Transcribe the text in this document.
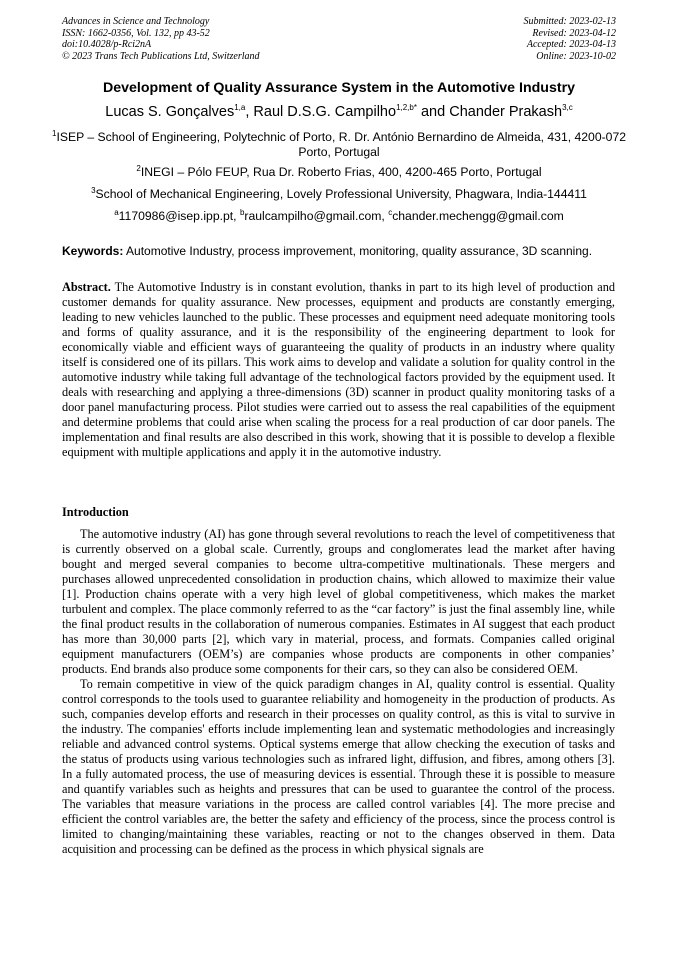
Advances in Science and Technology
ISSN: 1662-0356, Vol. 132, pp 43-52
doi:10.4028/p-Rci2nA
© 2023 Trans Tech Publications Ltd, Switzerland
Submitted: 2023-02-13
Revised: 2023-04-12
Accepted: 2023-04-13
Online: 2023-10-02
Development of Quality Assurance System in the Automotive Industry
Lucas S. Gonçalves$^{1,a}$, Raul D.S.G. Campilho$^{1,2,b*}$ and Chander Prakash$^{3,c}$
$^1$ISEP – School of Engineering, Polytechnic of Porto, R. Dr. António Bernardino de Almeida, 431, 4200-072 Porto, Portugal
$^2$INEGI – Pólo FEUP, Rua Dr. Roberto Frias, 400, 4200-465 Porto, Portugal
$^3$School of Mechanical Engineering, Lovely Professional University, Phagwara, India-144411
$^a$1170986@isep.ipp.pt, $^b$raulcampilho@gmail.com, $^c$chander.mechengg@gmail.com
Keywords: Automotive Industry, process improvement, monitoring, quality assurance, 3D scanning.

Abstract. The Automotive Industry is in constant evolution, thanks in part to its high level of production and customer demands for quality assurance. New processes, equipment and products are constantly emerging, leading to new vehicles launched to the public. These processes and equipment need adequate monitoring tools and forms of quality assurance, and it is the responsibility of the engineering department to look for economically viable and efficient ways of guaranteeing the quality of products in an industry where quality itself is considered one of its pillars. This work aims to develop and validate a solution for quality control in the automotive industry while taking full advantage of the technological factors provided by the equipment used. It deals with researching and applying a three-dimensions (3D) scanner in product quality monitoring tasks of a door panel manufacturing process. Pilot studies were carried out to assess the real capabilities of the equipment and determine problems that could arise when scaling the process for a real production of car door panels. The implementation and final results are also described in this work, showing that it is possible to develop a flexible equipment with multiple applications and apply it in the automotive industry.

Introduction

The automotive industry (AI) has gone through several revolutions to reach the level of competitiveness that is currently observed on a global scale. Currently, groups and conglomerates lead the market after having bought and merged several companies to become ultra-competitive multinationals. These mergers and purchases allowed unprecedented consolidation in production chains, which allowed to maximize their value [1]. Production chains operate with a very high level of global competitiveness, which makes the market turbulent and complex. The place commonly referred to as the “car factory” is just the final assembly line, while the final product results in the collaboration of numerous companies. Estimates in AI suggest that each product has more than 30,000 parts [2], which vary in material, process, and formats. Companies called original equipment manufacturers (OEM’s) are companies whose products are components in other companies’ products. End brands also produce some components for their cars, so they can also be considered OEM.

To remain competitive in view of the quick paradigm changes in AI, quality control is essential. Quality control corresponds to the tools used to guarantee reliability and homogeneity in the production of products. As such, companies develop efforts and research in their processes on quality control, as this is vital to survive in the industry. The companies' efforts include implementing lean and systematic methodologies and increasingly reliable and advanced control systems. Optical systems emerge that allow checking the execution of tasks and the status of products using various technologies such as infrared light, diffusion, and fibres, among others [3]. In a fully automated process, the use of measuring devices is essential. Through these it is possible to measure and quantify variables such as heights and pressures that can be used to guarantee the control of the process. The variables that measure variations in the process are called control variables [4]. The more precise and efficient the control variables are, the better the safety and efficiency of the process, since the process control is limited to changing/maintaining these variables, reacting or not to the changes observed in them. Data acquisition and processing can be defined as the process in which physical signals are
